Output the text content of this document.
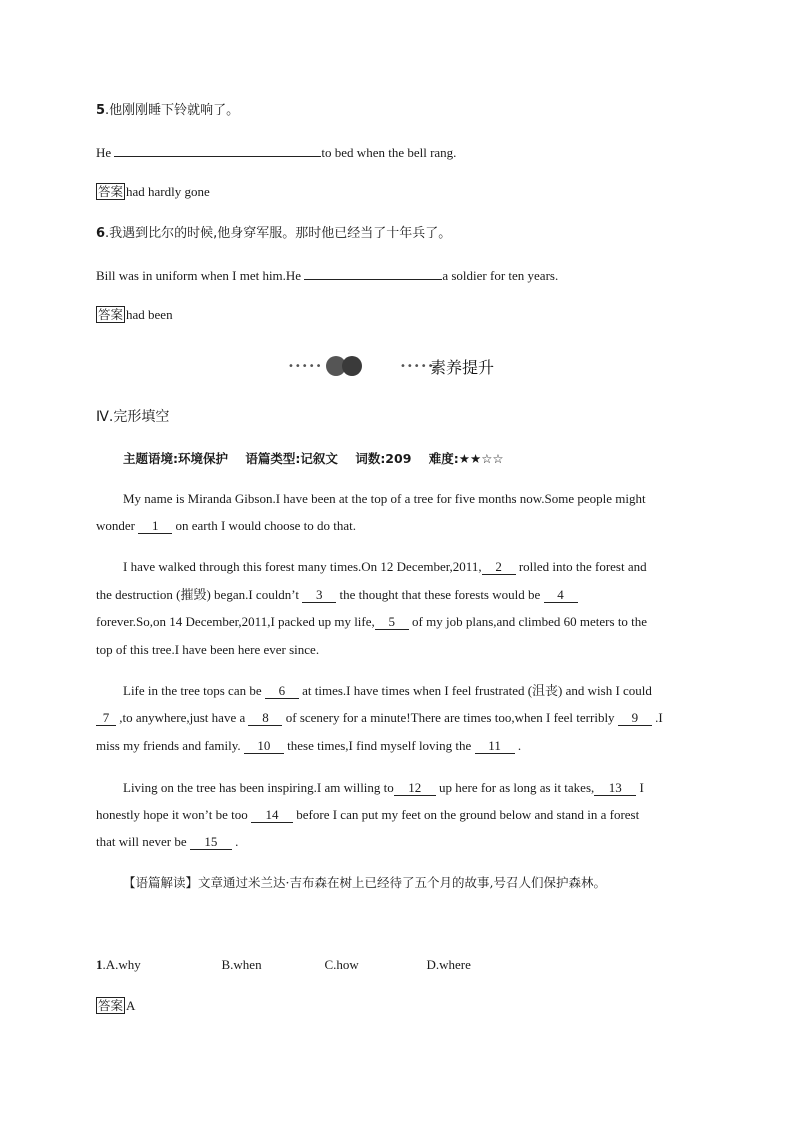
5.他刚刚睡下铃就响了。
He	to bed when the bell rang.
答案 had hardly gone
6.我遇到比尔的时候,他身穿军服。那时他已经当了十年兵了。
Bill was in uniform when I met him.He	a soldier for ten years.
答案 had been
•••••	•••••
素养提升
Ⅳ.完形填空
主题语境:环境保护    语篇类型:记叙文    词数:209    难度:★★☆☆
My name is Miranda Gibson.I have been at the top of a tree for five months now.Some people might
wonder 1 on earth I would choose to do that.
I have walked through this forest many times.On 12 December,2011, 2 rolled into the forest and
the destruction (摧毁) began.I couldn’t 3 the thought that these forests would be 4
forever.So,on 14 December,2011,I packed up my life, 5 of my job plans,and climbed 60 meters to the
top of this tree.I have been here ever since.
Life in the tree tops can be 6 at times.I have times when I feel frustrated (沮丧) and wish I could
7 ,to anywhere,just have a 8 of scenery for a minute!There are times too,when I feel terribly 9 .I
miss my friends and family. 10 these times,I find myself loving the 11 .
Living on the tree has been inspiring.I am willing to 12 up here for as long as it takes, 13 I
honestly hope it won’t be too 14 before I can put my feet on the ground below and stand in a forest
that will never be 15 .
【语篇解读】文章通过米兰达·吉布森在树上已经待了五个月的故事,号召人们保护森林。
1.A.why	B.when	C.how	D.where
答案 A
